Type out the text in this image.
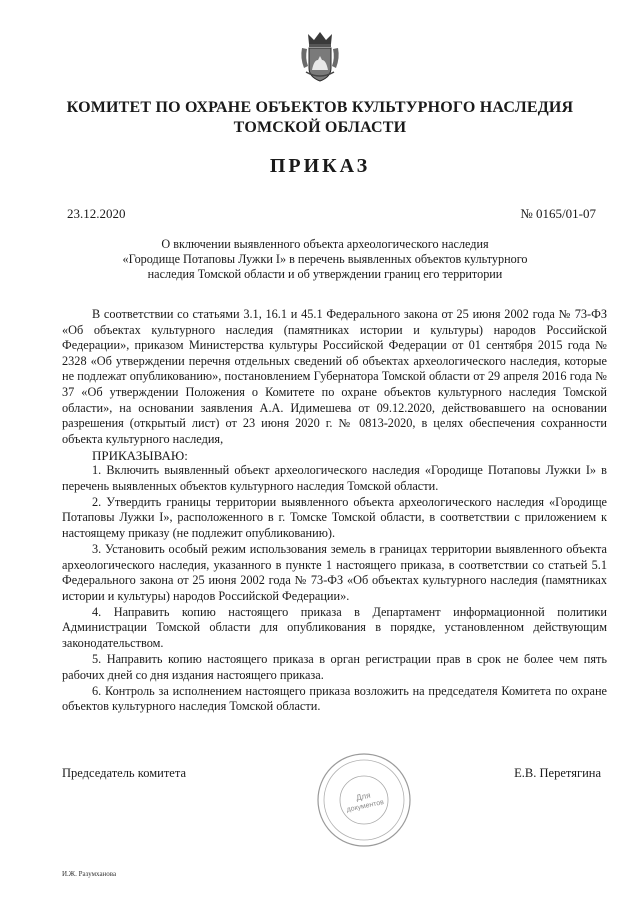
КОМИТЕТ ПО ОХРАНЕ ОБЪЕКТОВ КУЛЬТУРНОГО НАСЛЕДИЯ
ТОМСКОЙ ОБЛАСТИ
ПРИКАЗ
23.12.2020	№ 0165/01-07
О включении выявленного объекта археологического наследия
«Городище Потаповы Лужки I» в перечень выявленных объектов культурного
наследия Томской области и об утверждении границ его территории

В соответствии со статьями 3.1, 16.1 и 45.1 Федерального закона от 25 июня 2002 года № 73-ФЗ «Об объектах культурного наследия (памятниках истории и культуры) народов Российской Федерации», приказом Министерства культуры Российской Федерации от 01 сентября 2015 года № 2328 «Об утверждении перечня отдельных сведений об объектах археологического наследия, которые не подлежат опубликованию», постановлением Губернатора Томской области от 29 апреля 2016 года № 37 «Об утверждении Положения о Комитете по охране объектов культурного наследия Томской области», на основании заявления А.А. Идимешева от 09.12.2020, действовавшего на основании разрешения (открытый лист) от 23 июня 2020 г. № 0813-2020, в целях обеспечения сохранности объекта культурного наследия,

ПРИКАЗЫВАЮ:

1. Включить выявленный объект археологического наследия «Городище Потаповы Лужки I» в перечень выявленных объектов культурного наследия Томской области.

2. Утвердить границы территории выявленного объекта археологического наследия «Городище Потаповы Лужки I», расположенного в г. Томске Томской области, в соответствии с приложением к настоящему приказу (не подлежит опубликованию).

3. Установить особый режим использования земель в границах территории выявленного объекта археологического наследия, указанного в пункте 1 настоящего приказа, в соответствии со статьей 5.1 Федерального закона от 25 июня 2002 года № 73-ФЗ «Об объектах культурного наследия (памятниках истории и культуры) народов Российской Федерации».

4. Направить копию настоящего приказа в Департамент информационной политики Администрации Томской области для опубликования в порядке, установленном действующим законодательством.

5. Направить копию настоящего приказа в орган регистрации прав в срок не более чем пять рабочих дней со дня издания настоящего приказа.

6. Контроль за исполнением настоящего приказа возложить на председателя Комитета по охране объектов культурного наследия Томской области.

Председатель комитета	Е.В. Перетягина
Для
документов
И.Ж. Разумханова
